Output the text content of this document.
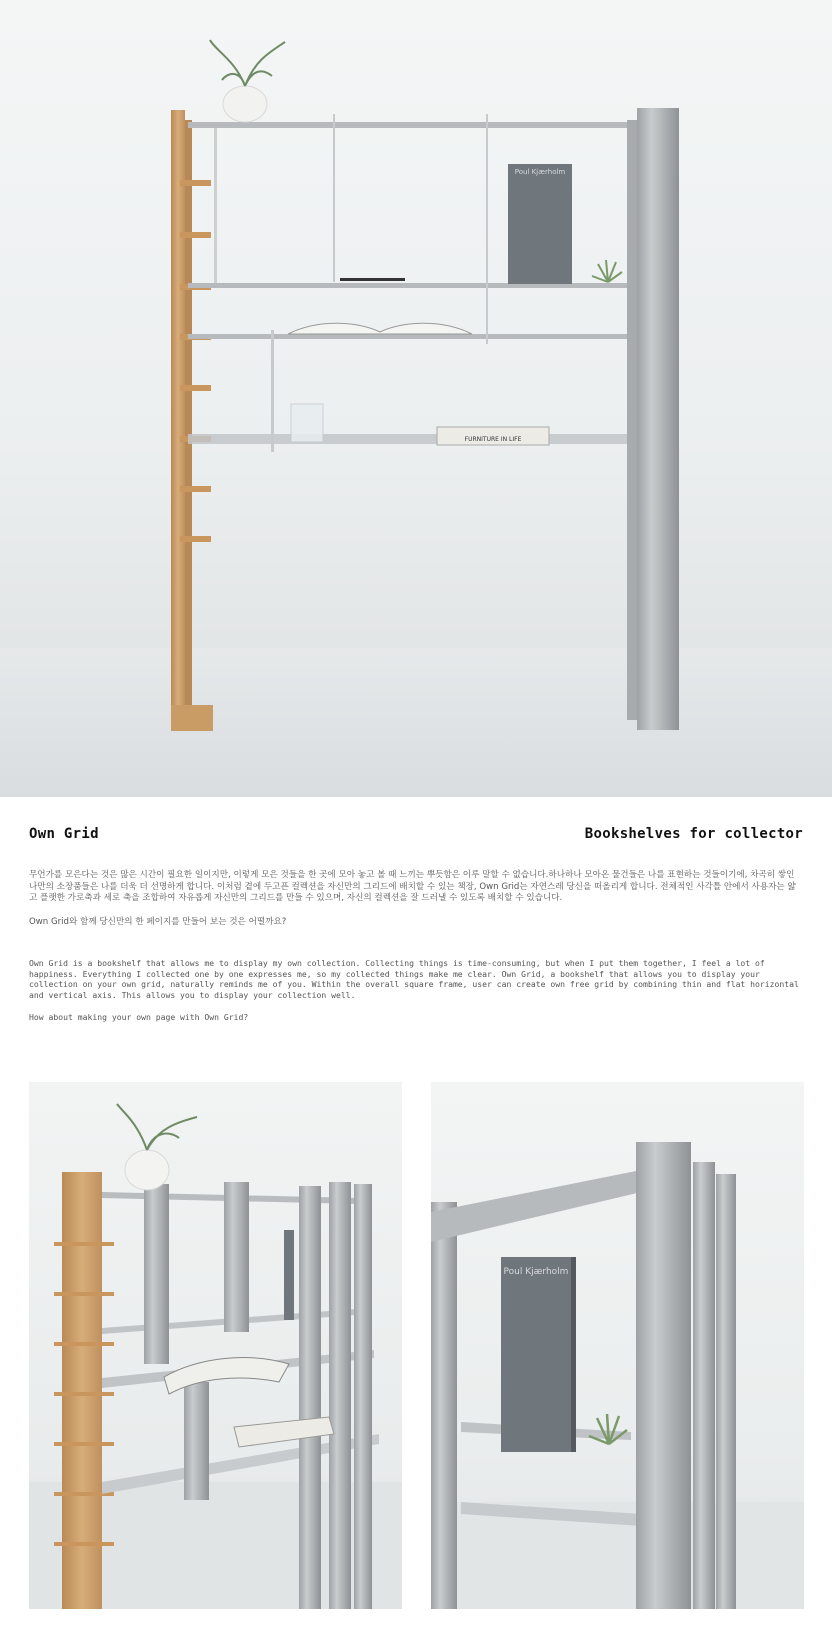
Poul Kjærholm
FURNITURE IN LIFE
Own Grid	Bookshelves for collector

무언가를 모은다는 것은 많은 시간이 필요한 일이지만, 이렇게 모은 것들을 한 곳에 모아 놓고 볼 때 느끼는 뿌듯함은 이루 말할 수 없습니다.하나하나 모아온 물건들은 나를 표현하는 것들이기에, 차곡히 쌓인 나만의 소장품들은 나를 더욱 더 선명하게 합니다. 이처럼 곁에 두고픈 컬렉션을 자신만의 그리드에 배치할 수 있는 책장, Own Grid는 자연스레 당신을 떠올리게 합니다. 전체적인 사각틀 안에서 사용자는 얇고 플랫한 가로축과 세로 축을 조합하여 자유롭게 자신만의 그리드를 만들 수 있으며, 자신의 컬렉션을 잘 드러낼 수 있도록 배치할 수 있습니다.

Own Grid와 함께 당신만의 한 페이지를 만들어 보는 것은 어떨까요?

Own Grid is a bookshelf that allows me to display my own collection. Collecting things is time-consuming, but when I put them together, I feel a lot of happiness. Everything I collected one by one expresses me, so my collected things make me clear. Own Grid, a bookshelf that allows you to display your collection on your own grid, naturally reminds me of you. Within the overall square frame, user can create own free grid by combining thin and flat horizontal and vertical axis. This allows you to display your collection well.

How about making your own page with Own Grid?

Poul Kjærholm
